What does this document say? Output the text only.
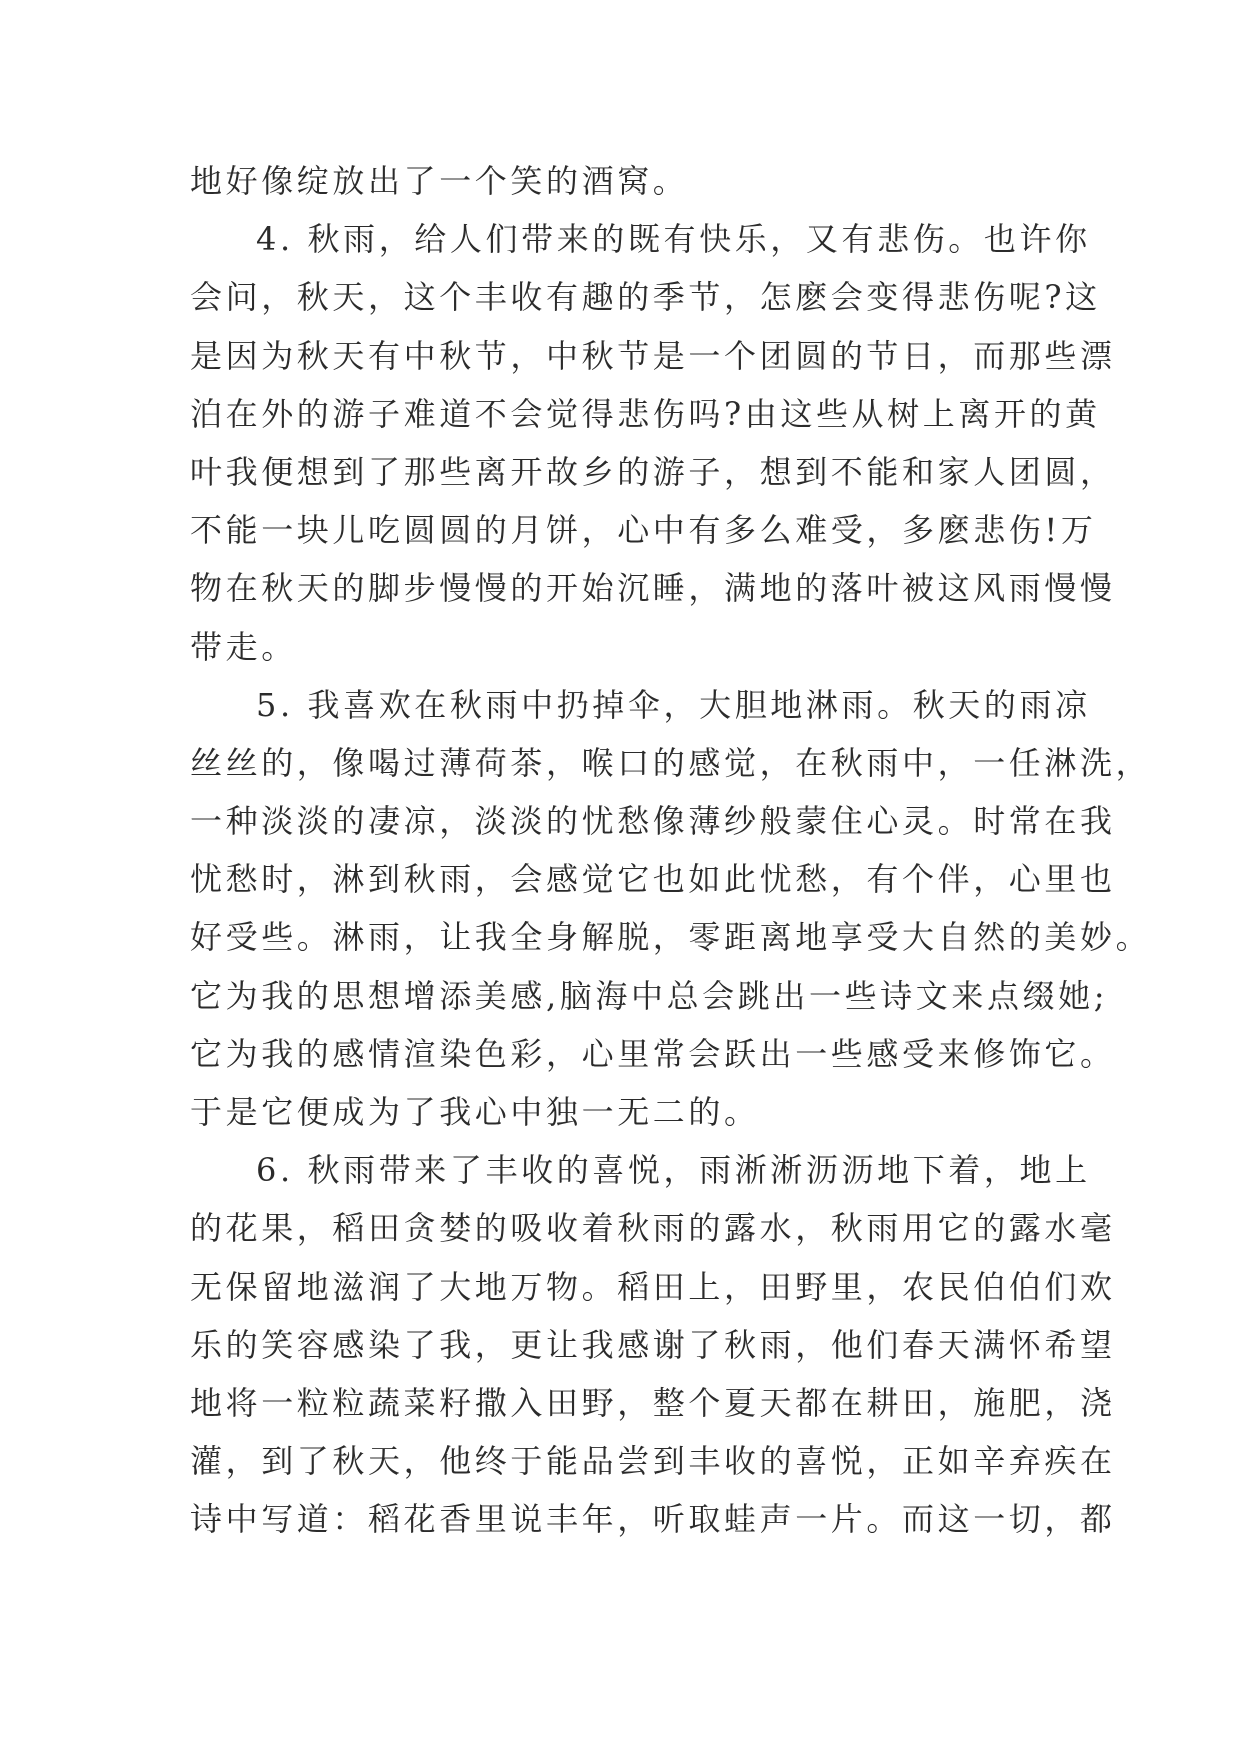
地好像绽放出了一个笑的酒窝。
4. 秋雨，给人们带来的既有快乐，又有悲伤。也许你
会问，秋天，这个丰收有趣的季节，怎麽会变得悲伤呢?这
是因为秋天有中秋节，中秋节是一个团圆的节日，而那些漂
泊在外的游子难道不会觉得悲伤吗?由这些从树上离开的黄
叶我便想到了那些离开故乡的游子，想到不能和家人团圆，
不能一块儿吃圆圆的月饼，心中有多么难受，多麽悲伤!万
物在秋天的脚步慢慢的开始沉睡，满地的落叶被这风雨慢慢
带走。
5. 我喜欢在秋雨中扔掉伞，大胆地淋雨。秋天的雨凉
丝丝的，像喝过薄荷茶，喉口的感觉，在秋雨中，一任淋洗，
一种淡淡的凄凉，淡淡的忧愁像薄纱般蒙住心灵。时常在我
忧愁时，淋到秋雨，会感觉它也如此忧愁，有个伴，心里也
好受些。淋雨，让我全身解脱，零距离地享受大自然的美妙。
它为我的思想增添美感,脑海中总会跳出一些诗文来点缀她;
它为我的感情渲染色彩，心里常会跃出一些感受来修饰它。
于是它便成为了我心中独一无二的。
6. 秋雨带来了丰收的喜悦，雨淅淅沥沥地下着，地上
的花果，稻田贪婪的吸收着秋雨的露水，秋雨用它的露水毫
无保留地滋润了大地万物。稻田上，田野里，农民伯伯们欢
乐的笑容感染了我，更让我感谢了秋雨，他们春天满怀希望
地将一粒粒蔬菜籽撒入田野，整个夏天都在耕田，施肥，浇
灌，到了秋天，他终于能品尝到丰收的喜悦，正如辛弃疾在
诗中写道：稻花香里说丰年，听取蛙声一片。而这一切，都
